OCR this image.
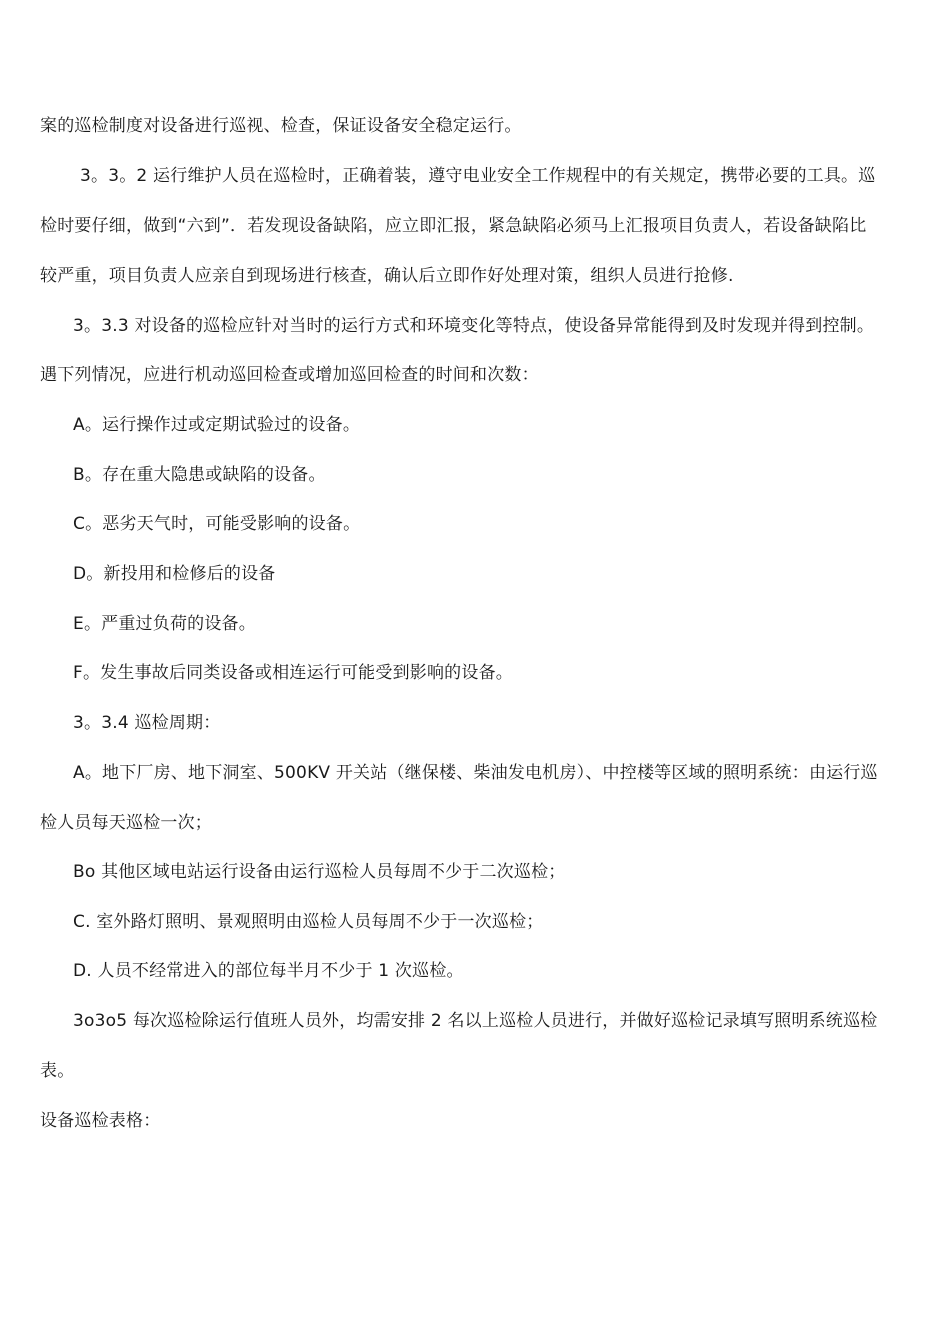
案的巡检制度对设备进行巡视、检查，保证设备安全稳定运行。
3。3。2 运行维护人员在巡检时，正确着装，遵守电业安全工作规程中的有关规定，携带必要的工具。巡
检时要仔细，做到“六到”．若发现设备缺陷，应立即汇报，紧急缺陷必须马上汇报项目负责人，若设备缺陷比
较严重，项目负责人应亲自到现场进行核查，确认后立即作好处理对策，组织人员进行抢修.
3。3.3 对设备的巡检应针对当时的运行方式和环境变化等特点，使设备异常能得到及时发现并得到控制。
遇下列情况，应进行机动巡回检查或增加巡回检查的时间和次数：
A。运行操作过或定期试验过的设备。
B。存在重大隐患或缺陷的设备。
C。恶劣天气时，可能受影响的设备。
D。新投用和检修后的设备
E。严重过负荷的设备。
F。发生事故后同类设备或相连运行可能受到影响的设备。
3。3.4 巡检周期：
A。地下厂房、地下洞室、500KV 开关站（继保楼、柴油发电机房）、中控楼等区域的照明系统：由运行巡
检人员每天巡检一次；
Bo 其他区域电站运行设备由运行巡检人员每周不少于二次巡检；
C. 室外路灯照明、景观照明由巡检人员每周不少于一次巡检；
D. 人员不经常进入的部位每半月不少于 1 次巡检。
3o3o5 每次巡检除运行值班人员外，均需安排 2 名以上巡检人员进行，并做好巡检记录填写照明系统巡检
表。
设备巡检表格：
